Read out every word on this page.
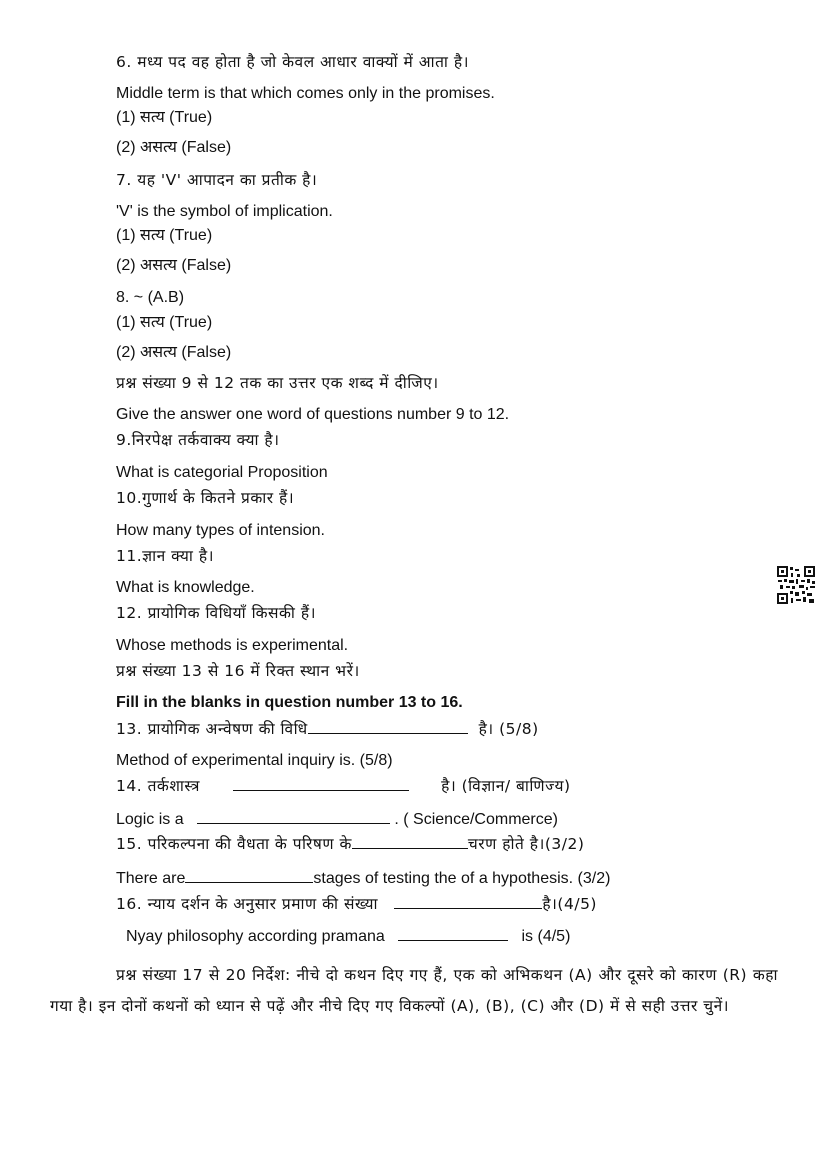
6. मध्य पद वह होता है जो केवल आधार वाक्यों में आता है।
Middle term is that which comes only in the promises.
(1) सत्य (True)
(2) असत्य (False)
7. यह 'V' आपादन का प्रतीक है।
'V' is the symbol of implication.
(1) सत्य (True)
(2) असत्य (False)
8. ~ (A.B)
(1) सत्य (True)
(2) असत्य (False)
प्रश्न संख्या 9 से 12 तक का उत्तर एक शब्द में दीजिए।
Give the answer one word of questions number 9 to 12.
9.निरपेक्ष तर्कवाक्य क्या है।
What is categorial Proposition
10.गुणार्थ के कितने प्रकार हैं।
How many types of intension.
11.ज्ञान क्या है।
What is knowledge.
12. प्रायोगिक विधियाँ किसकी हैं।
Whose methods is experimental.
प्रश्न संख्या 13 से 16 में रिक्त स्थान भरें।
Fill in the blanks in question number 13 to 16.
13. प्रायोगिक अन्वेषण की विधि	है। (5/8)
Method of experimental inquiry is. (5/8)
14. तर्कशास्त्र	है। (विज्ञान/ बाणिज्य)
Logic is a	. ( Science/Commerce)
15. परिकल्पना की वैधता के परिषण के	चरण होते है।(3/2)
There are	stages of testing the of a hypothesis. (3/2)
16. न्याय दर्शन के अनुसार प्रमाण की संख्या	है।(4/5)
Nyay philosophy according pramana	is (4/5)
प्रश्न संख्या 17 से 20 निर्देश: नीचे दो कथन दिए गए हैं, एक को अभिकथन (A) और दूसरे को कारण (R) कहा गया है। इन दोनों कथनों को ध्यान से पढ़ें और नीचे दिए गए विकल्पों (A), (B), (C) और (D) में से सही उत्तर चुनें।
